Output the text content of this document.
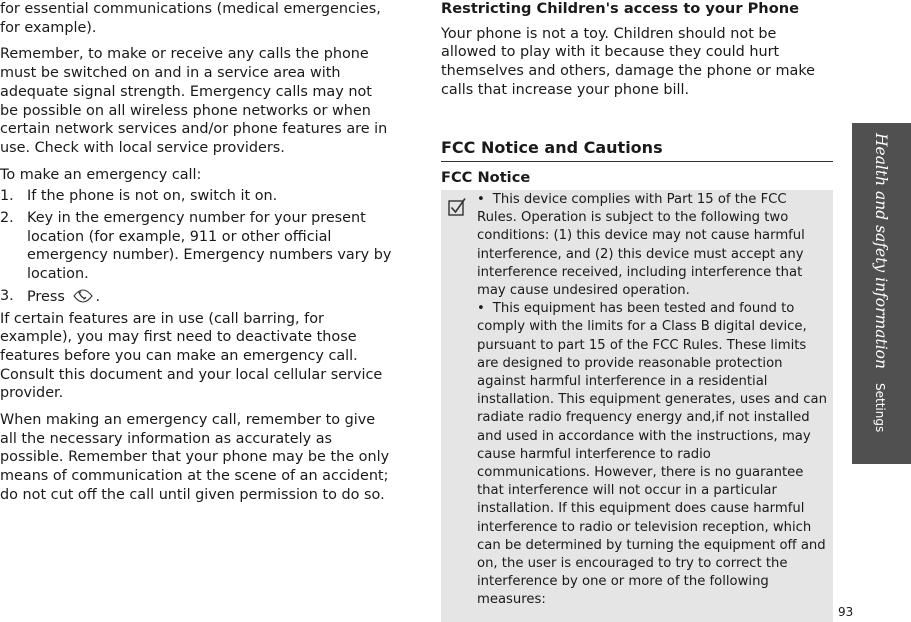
for essential communications (medical emergencies, for example).

Remember, to make or receive any calls the phone must be switched on and in a service area with adequate signal strength. Emergency calls may not be possible on all wireless phone networks or when certain network services and/or phone features are in use. Check with local service providers.

To make an emergency call:

1. If the phone is not on, switch it on.
2. Key in the emergency number for your present location (for example, 911 or other official emergency number). Emergency numbers vary by location.
3. Press .

If certain features are in use (call barring, for example), you may first need to deactivate those features before you can make an emergency call. Consult this document and your local cellular service provider.

When making an emergency call, remember to give all the necessary information as accurately as possible. Remember that your phone may be the only means of communication at the scene of an accident; do not cut off the call until given permission to do so.

Restricting Children's access to your Phone

Your phone is not a toy. Children should not be allowed to play with it because they could hurt themselves and others, damage the phone or make calls that increase your phone bill.

FCC Notice and Cautions
FCC Notice

• This device complies with Part 15 of the FCC Rules. Operation is subject to the following two conditions: (1) this device may not cause harmful interference, and (2) this device must accept any interference received, including interference that may cause undesired operation.

• This equipment has been tested and found to comply with the limits for a Class B digital device, pursuant to part 15 of the FCC Rules. These limits are designed to provide reasonable protection against harmful interference in a residential installation. This equipment generates, uses and can radiate radio frequency energy and,if not installed and used in accordance with the instructions, may cause harmful interference to radio communications. However, there is no guarantee that interference will not occur in a particular installation. If this equipment does cause harmful interference to radio or television reception, which can be determined by turning the equipment off and on, the user is encouraged to try to correct the interference by one or more of the following measures:

Health and safety information
Settings
93
